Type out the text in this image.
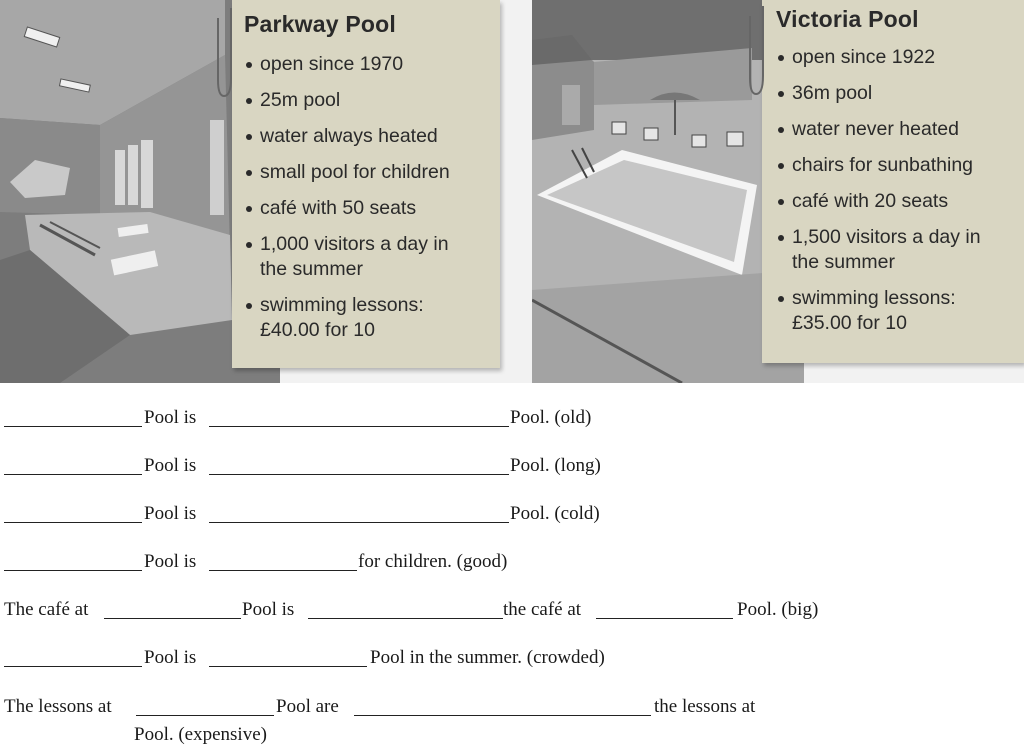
Parkway Pool
open since 1970
25m pool
water always heated
small pool for children
café with 50 seats
1,000 visitors a day in
the summer
swimming lessons:
£40.00 for 10
Victoria Pool
open since 1922
36m pool
water never heated
chairs for sunbathing
café with 20 seats
1,500 visitors a day in
the summer
swimming lessons:
£35.00 for 10
Pool is	Pool. (old)
Pool is	Pool. (long)
Pool is	Pool. (cold)
Pool is	for children. (good)
The café at	Pool is	the café at	Pool. (big)
Pool is	Pool in the summer. (crowded)
The lessons at	Pool are	the lessons at
Pool. (expensive)
